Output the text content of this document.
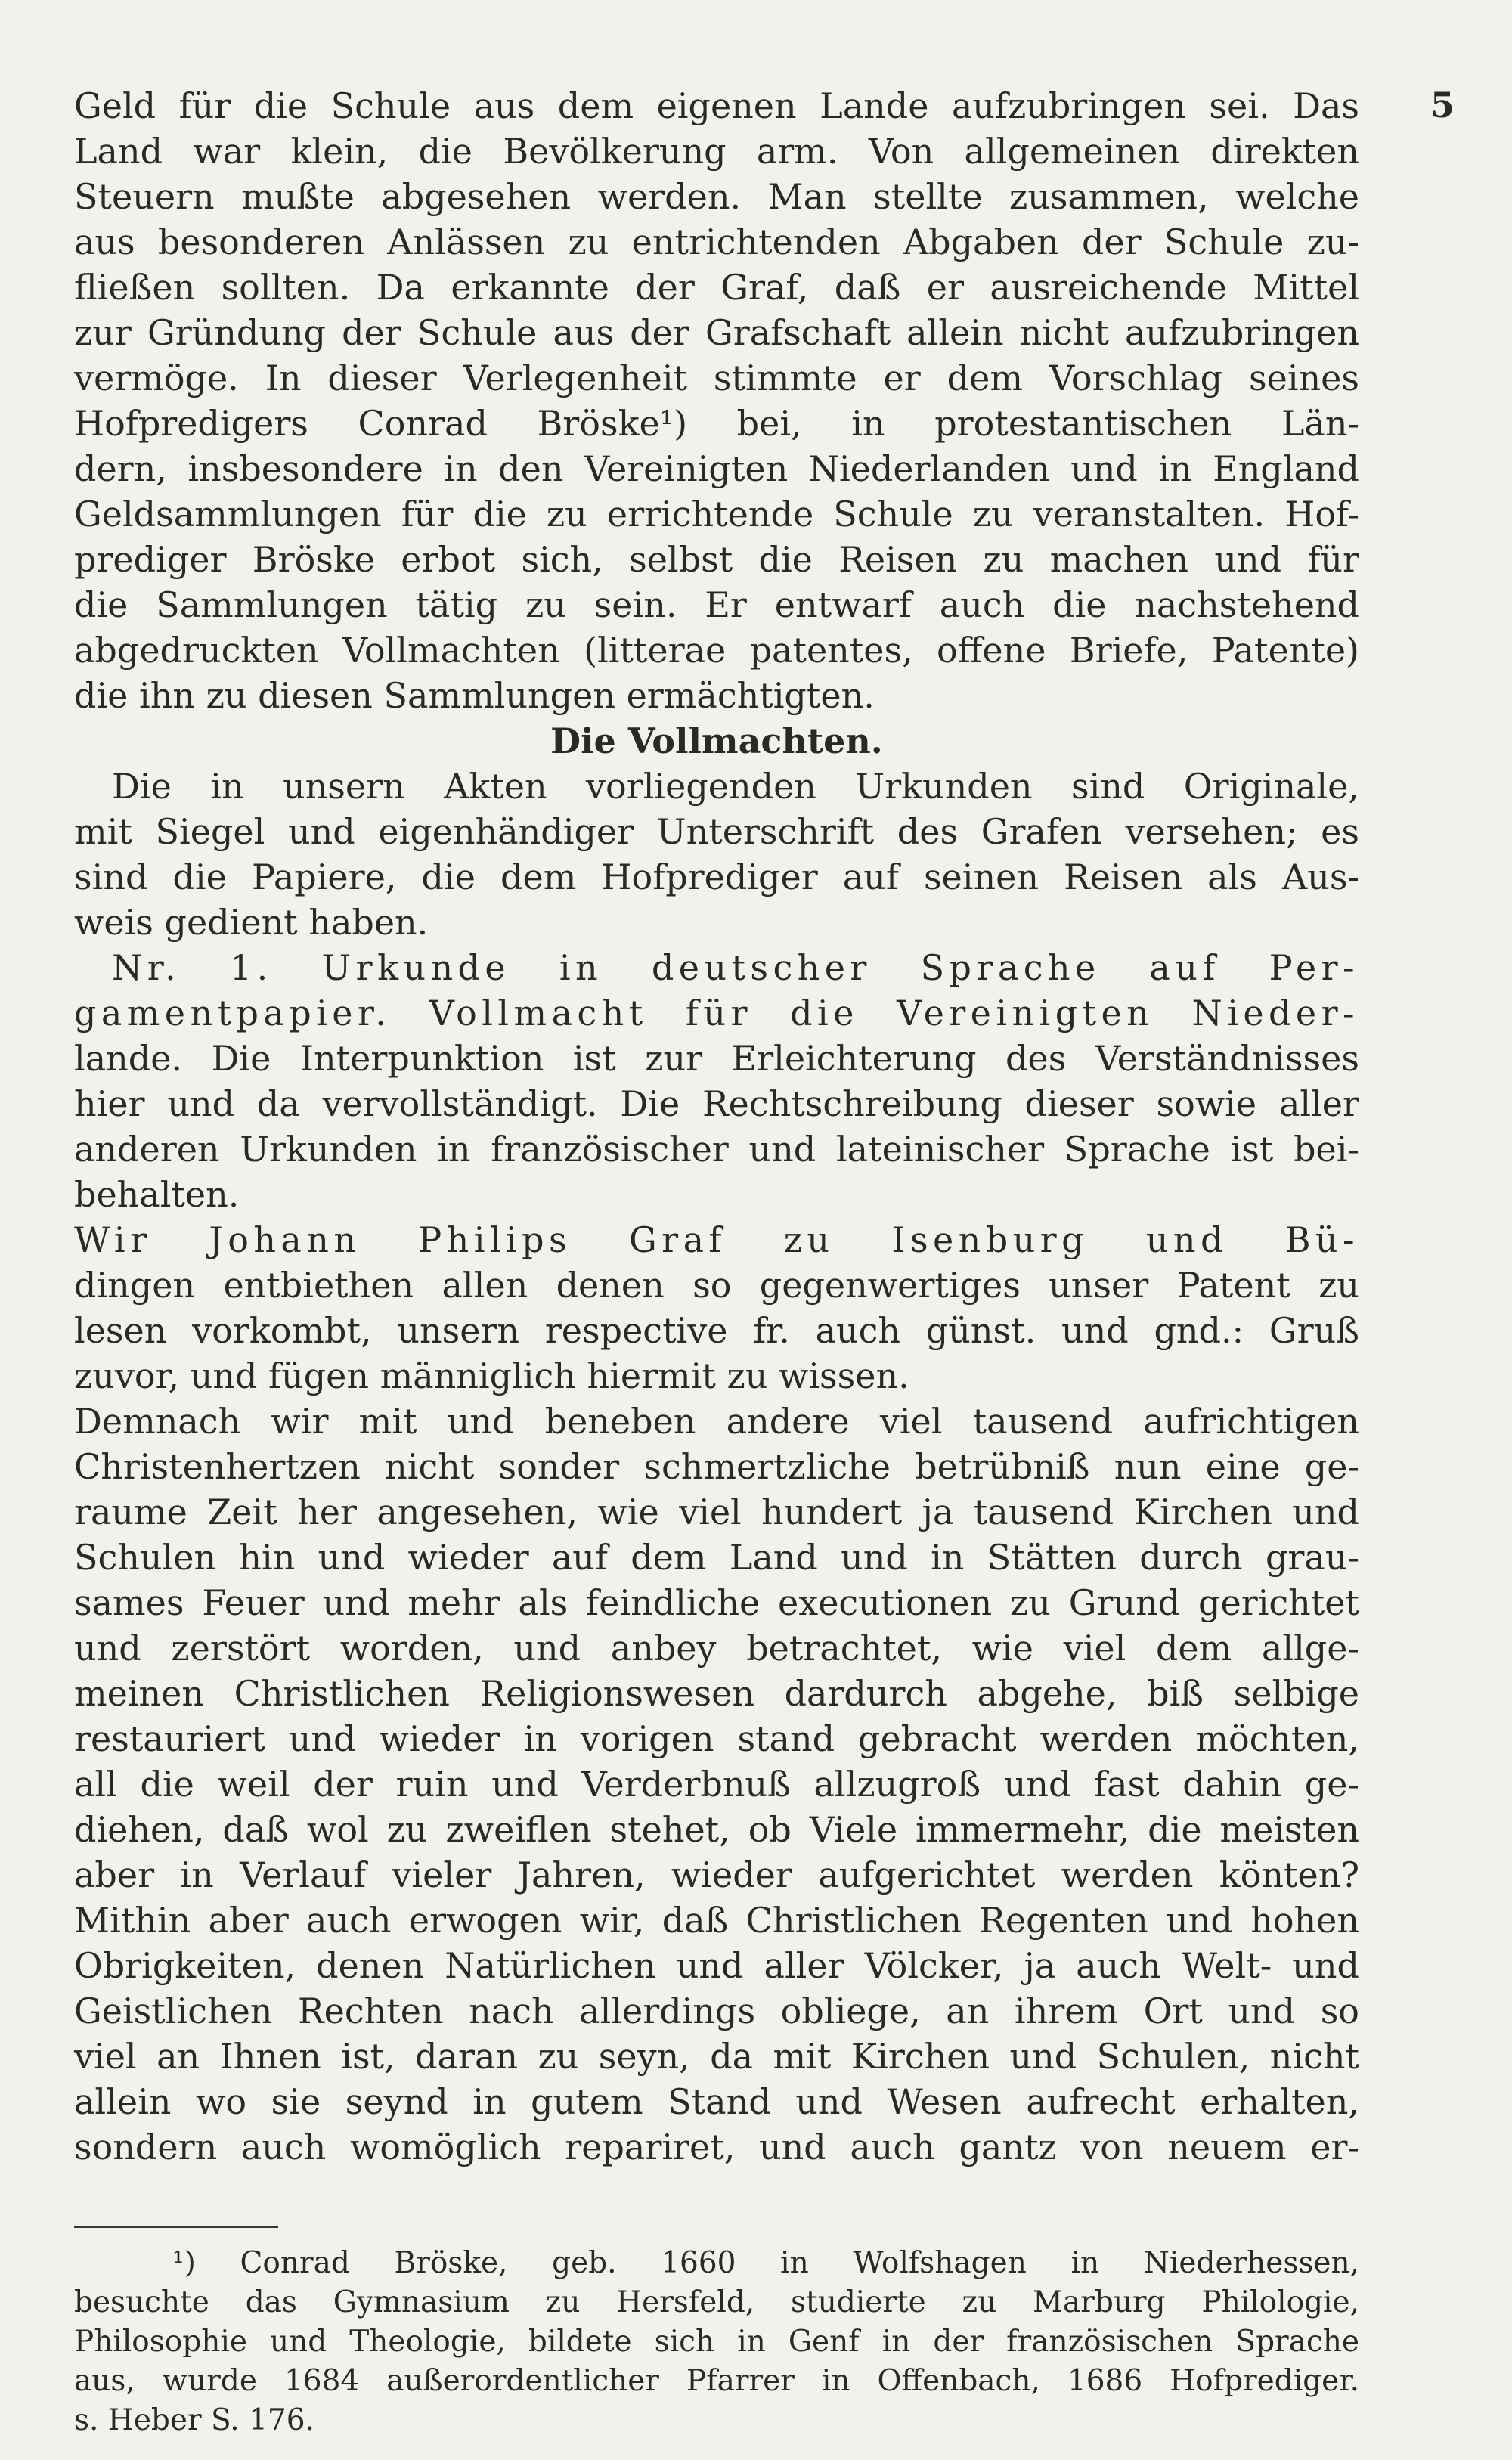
5
Geld für die Schule aus dem eigenen Lande aufzubringen sei. Das
Land war klein, die Bevölkerung arm. Von allgemeinen direkten
Steuern mußte abgesehen werden. Man stellte zusammen, welche
aus besonderen Anlässen zu entrichtenden Abgaben der Schule zu-
fließen sollten. Da erkannte der Graf, daß er ausreichende Mittel
zur Gründung der Schule aus der Grafschaft allein nicht aufzubringen
vermöge. In dieser Verlegenheit stimmte er dem Vorschlag seines
Hofpredigers Conrad Bröske¹) bei, in protestantischen Län-
dern, insbesondere in den Vereinigten Niederlanden und in England
Geldsammlungen für die zu errichtende Schule zu veranstalten. Hof-
prediger Bröske erbot sich, selbst die Reisen zu machen und für
die Sammlungen tätig zu sein. Er entwarf auch die nachstehend
abgedruckten Vollmachten (litterae patentes, offene Briefe, Patente)
die ihn zu diesen Sammlungen ermächtigten.
Die Vollmachten.
Die in unsern Akten vorliegenden Urkunden sind Originale,
mit Siegel und eigenhändiger Unterschrift des Grafen versehen; es
sind die Papiere, die dem Hofprediger auf seinen Reisen als Aus-
weis gedient haben.
Nr. 1. Urkunde in deutscher Sprache auf Per-
gamentpapier. Vollmacht für die Vereinigten Nieder-
lande. Die Interpunktion ist zur Erleichterung des Verständnisses
hier und da vervollständigt. Die Rechtschreibung dieser sowie aller
anderen Urkunden in französischer und lateinischer Sprache ist bei-
behalten.
Wir Johann Philips Graf zu Isenburg und Bü-
dingen entbiethen allen denen so gegenwertiges unser Patent zu
lesen vorkombt, unsern respective fr. auch günst. und gnd.: Gruß
zuvor, und fügen männiglich hiermit zu wissen.
Demnach wir mit und beneben andere viel tausend aufrichtigen
Christenhertzen nicht sonder schmertzliche betrübniß nun eine ge-
raume Zeit her angesehen, wie viel hundert ja tausend Kirchen und
Schulen hin und wieder auf dem Land und in Stätten durch grau-
sames Feuer und mehr als feindliche executionen zu Grund gerichtet
und zerstört worden, und anbey betrachtet, wie viel dem allge-
meinen Christlichen Religionswesen dardurch abgehe, biß selbige
restauriert und wieder in vorigen stand gebracht werden möchten,
all die weil der ruin und Verderbnuß allzugroß und fast dahin ge-
diehen, daß wol zu zweiflen stehet, ob Viele immermehr, die meisten
aber in Verlauf vieler Jahren, wieder aufgerichtet werden könten?
Mithin aber auch erwogen wir, daß Christlichen Regenten und hohen
Obrigkeiten, denen Natürlichen und aller Völcker, ja auch Welt- und
Geistlichen Rechten nach allerdings obliege, an ihrem Ort und so
viel an Ihnen ist, daran zu seyn, da mit Kirchen und Schulen, nicht
allein wo sie seynd in gutem Stand und Wesen aufrecht erhalten,
sondern auch womöglich repariret, und auch gantz von neuem er-
¹) Conrad Bröske, geb. 1660 in Wolfshagen in Niederhessen,
besuchte das Gymnasium zu Hersfeld, studierte zu Marburg Philologie,
Philosophie und Theologie, bildete sich in Genf in der französischen Sprache
aus, wurde 1684 außerordentlicher Pfarrer in Offenbach, 1686 Hofprediger.
s. Heber S. 176.
